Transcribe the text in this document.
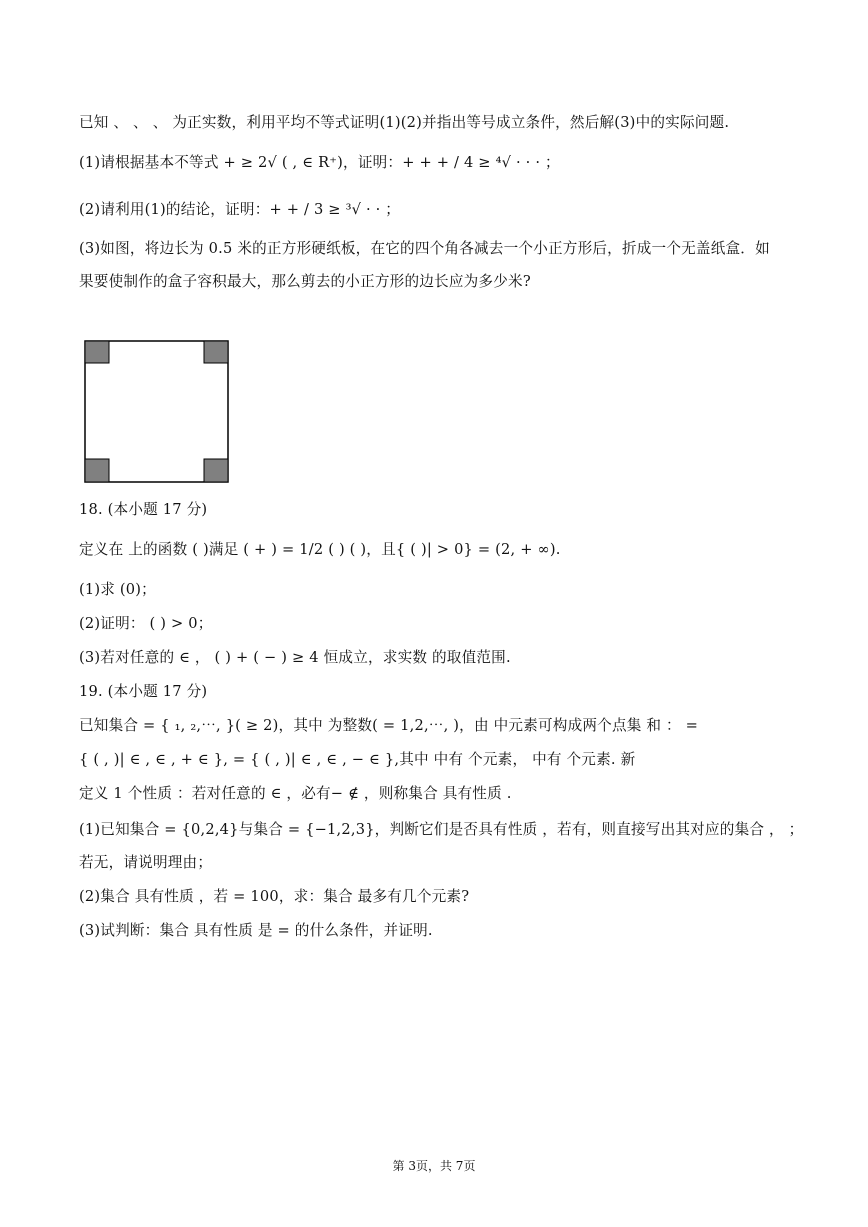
已知 、 、 、 为正实数，利用平均不等式证明(1)(2)并指出等号成立条件，然后解(3)中的实际问题.
(1)请根据基本不等式 + ≥ 2√ ( , ∈ R⁺)，证明：+ + + / 4 ≥ ⁴√ · · · ；
(2)请利用(1)的结论，证明：+ + / 3 ≥ ³√ · · ；
(3)如图，将边长为 0.5 米的正方形硬纸板，在它的四个角各减去一个小正方形后，折成一个无盖纸盒．如
果要使制作的盒子容积最大，那么剪去的小正方形的边长应为多少米?
18. (本小题 17 分)
定义在 上的函数 ( )满足 ( + ) = 1/2 ( ) ( )，且{ ( )| > 0} = (2, + ∞).
(1)求 (0)；
(2)证明： ( ) > 0；
(3)若对任意的 ∈ ， ( ) + ( − ) ≥ 4 恒成立，求实数 的取值范围.
19. (本小题 17 分)
已知集合 = { ₁, ₂,⋯, }( ≥ 2)，其中 为整数( = 1,2,⋯, )，由 中元素可构成两个点集 和 ： =
{ ( , )| ∈ , ∈ , + ∈ }, = { ( , )| ∈ , ∈ , − ∈ },其中 中有 个元素， 中有 个元素. 新
定义 1 个性质 ：若对任意的 ∈ ，必有− ∉ ，则称集合 具有性质 .
(1)已知集合 = {0,2,4}与集合 = {−1,2,3}，判断它们是否具有性质 ，若有，则直接写出其对应的集合 ， ；
若无，请说明理由；
(2)集合 具有性质 ，若 = 100，求：集合 最多有几个元素?
(3)试判断：集合 具有性质 是 = 的什么条件，并证明.
第 3页，共 7页
